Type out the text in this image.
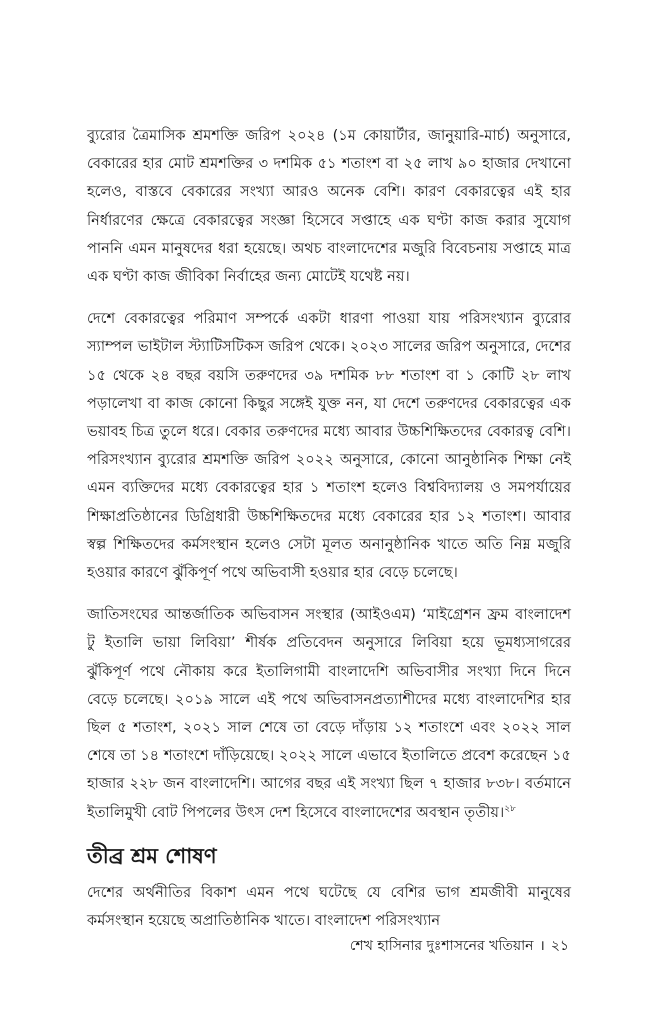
ব্যুরোর ত্রৈমাসিক শ্রমশক্তি জরিপ ২০২৪ (১ম কোয়ার্টার, জানুয়ারি-মার্চ) অনুসারে, বেকারের হার মোট শ্রমশক্তির ৩ দশমিক ৫১ শতাংশ বা ২৫ লাখ ৯০ হাজার দেখানো হলেও, বাস্তবে বেকারের সংখ্যা আরও অনেক বেশি। কারণ বেকারত্বের এই হার নির্ধারণের ক্ষেত্রে বেকারত্বের সংজ্ঞা হিসেবে সপ্তাহে এক ঘণ্টা কাজ করার সুযোগ পাননি এমন মানুষদের ধরা হয়েছে। অথচ বাংলাদেশের মজুরি বিবেচনায় সপ্তাহে মাত্র এক ঘণ্টা কাজ জীবিকা নির্বাহের জন্য মোটেই যথেষ্ট নয়।

দেশে বেকারত্বের পরিমাণ সম্পর্কে একটা ধারণা পাওয়া যায় পরিসংখ্যান ব্যুরোর স্যাম্পল ভাইটাল স্ট্যাটিসটিকস জরিপ থেকে। ২০২৩ সালের জরিপ অনুসারে, দেশের ১৫ থেকে ২৪ বছর বয়সি তরুণদের ৩৯ দশমিক ৮৮ শতাংশ বা ১ কোটি ২৮ লাখ পড়ালেখা বা কাজ কোনো কিছুর সঙ্গেই যুক্ত নন, যা দেশে তরুণদের বেকারত্বের এক ভয়াবহ চিত্র তুলে ধরে। বেকার তরুণদের মধ্যে আবার উচ্চশিক্ষিতদের বেকারত্ব বেশি। পরিসংখ্যান ব্যুরোর শ্রমশক্তি জরিপ ২০২২ অনুসারে, কোনো আনুষ্ঠানিক শিক্ষা নেই এমন ব্যক্তিদের মধ্যে বেকারত্বের হার ১ শতাংশ হলেও বিশ্ববিদ্যালয় ও সমপর্যায়ের শিক্ষাপ্রতিষ্ঠানের ডিগ্রিধারী উচ্চশিক্ষিতদের মধ্যে বেকারের হার ১২ শতাংশ। আবার স্বল্প শিক্ষিতদের কর্মসংস্থান হলেও সেটা মূলত অনানুষ্ঠানিক খাতে অতি নিম্ন মজুরি হওয়ার কারণে ঝুঁকিপূর্ণ পথে অভিবাসী হওয়ার হার বেড়ে চলেছে।

জাতিসংঘের আন্তর্জাতিক অভিবাসন সংস্থার (আইওএম) ‘মাইগ্রেশন ফ্রম বাংলাদেশ টু ইতালি ভায়া লিবিয়া’ শীর্ষক প্রতিবেদন অনুসারে লিবিয়া হয়ে ভূমধ্যসাগরের ঝুঁকিপূর্ণ পথে নৌকায় করে ইতালিগামী বাংলাদেশি অভিবাসীর সংখ্যা দিনে দিনে বেড়ে চলেছে। ২০১৯ সালে এই পথে অভিবাসনপ্রত্যাশীদের মধ্যে বাংলাদেশির হার ছিল ৫ শতাংশ, ২০২১ সাল শেষে তা বেড়ে দাঁড়ায় ১২ শতাংশে এবং ২০২২ সাল শেষে তা ১৪ শতাংশে দাঁড়িয়েছে। ২০২২ সালে এভাবে ইতালিতে প্রবেশ করেছেন ১৫ হাজার ২২৮ জন বাংলাদেশি। আগের বছর এই সংখ্যা ছিল ৭ হাজার ৮৩৮। বর্তমানে ইতালিমুখী বোট পিপলের উৎস দেশ হিসেবে বাংলাদেশের অবস্থান তৃতীয়।$^{২৮}$

তীব্র শ্রম শোষণ

দেশের অর্থনীতির বিকাশ এমন পথে ঘটেছে যে বেশির ভাগ শ্রমজীবী মানুষের কর্মসংস্থান হয়েছে অপ্রাতিষ্ঠানিক খাতে। বাংলাদেশ পরিসংখ্যান

শেখ হাসিনার দুঃশাসনের খতিয়ান । ২১
